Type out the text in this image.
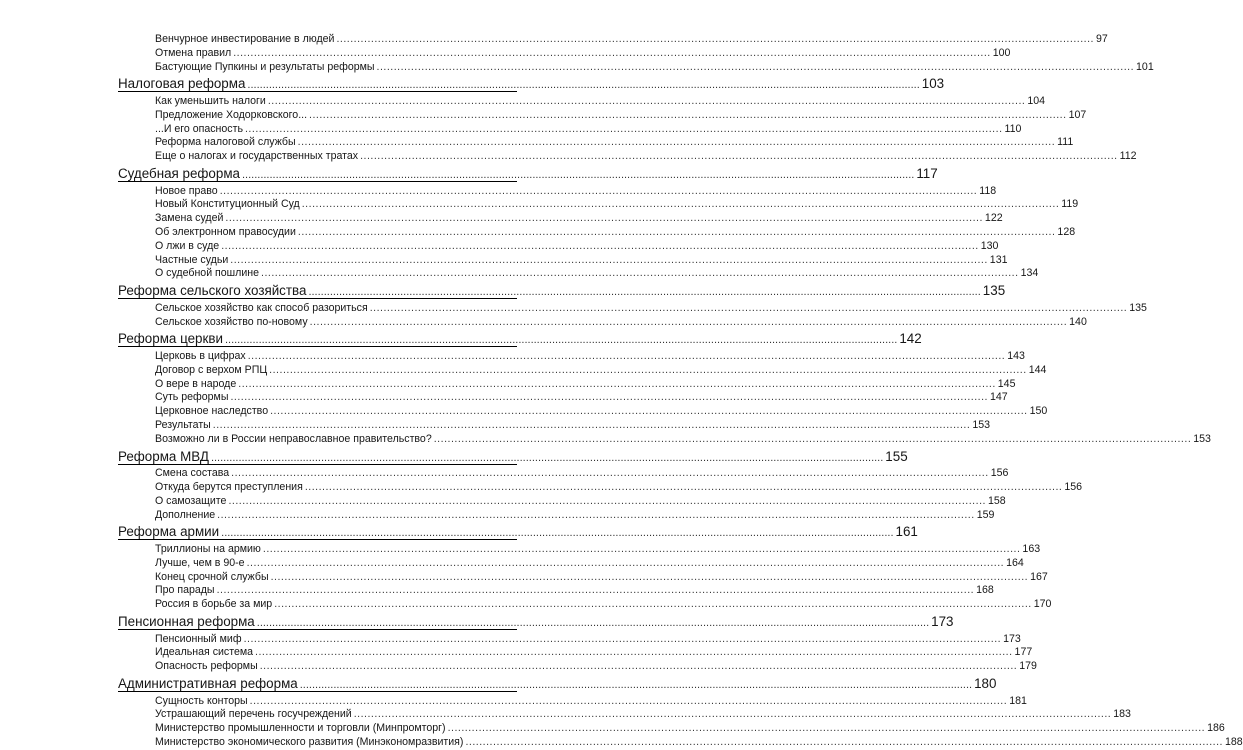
Венчурное инвестирование в людей ............................................................................................................................................................................................................................ 97
Отмена правил ............................................................................................................................................................................................................................ 100
Бастующие Пупкины и результаты реформы ............................................................................................................................................................................................................................ 101
Налоговая реформа ............................................................................................................................................................................................................................ 103
Как уменьшить налоги ............................................................................................................................................................................................................................ 104
Предложение Ходорковского... ............................................................................................................................................................................................................................ 107
...И его опасность ............................................................................................................................................................................................................................ 110
Реформа налоговой службы ............................................................................................................................................................................................................................ 111
Еще о налогах и государственных тратах ............................................................................................................................................................................................................................ 112
Судебная реформа ............................................................................................................................................................................................................................ 117
Новое право ............................................................................................................................................................................................................................ 118
Новый Конституционный Суд ............................................................................................................................................................................................................................ 119
Замена судей ............................................................................................................................................................................................................................ 122
Об электронном правосудии ............................................................................................................................................................................................................................ 128
О лжи в суде ............................................................................................................................................................................................................................ 130
Частные судьи ............................................................................................................................................................................................................................ 131
О судебной пошлине ............................................................................................................................................................................................................................ 134
Реформа сельского хозяйства ............................................................................................................................................................................................................................ 135
Сельское хозяйство как способ разориться ............................................................................................................................................................................................................................ 135
Сельское хозяйство по-новому ............................................................................................................................................................................................................................ 140
Реформа церкви ............................................................................................................................................................................................................................ 142
Церковь в цифрах ............................................................................................................................................................................................................................ 143
Договор с верхом РПЦ ............................................................................................................................................................................................................................ 144
О вере в народе ............................................................................................................................................................................................................................ 145
Суть реформы ............................................................................................................................................................................................................................ 147
Церковное наследство ............................................................................................................................................................................................................................ 150
Результаты ............................................................................................................................................................................................................................ 153
Возможно ли в России неправославное правительство? ............................................................................................................................................................................................................................ 153
Реформа МВД ............................................................................................................................................................................................................................ 155
Смена состава ............................................................................................................................................................................................................................ 156
Откуда берутся преступления ............................................................................................................................................................................................................................ 156
О самозащите ............................................................................................................................................................................................................................ 158
Дополнение ............................................................................................................................................................................................................................ 159
Реформа армии ............................................................................................................................................................................................................................ 161
Триллионы на армию ............................................................................................................................................................................................................................ 163
Лучше, чем в 90-е ............................................................................................................................................................................................................................ 164
Конец срочной службы ............................................................................................................................................................................................................................ 167
Про парады ............................................................................................................................................................................................................................ 168
Россия в борьбе за мир ............................................................................................................................................................................................................................ 170
Пенсионная реформа ............................................................................................................................................................................................................................ 173
Пенсионный миф ............................................................................................................................................................................................................................ 173
Идеальная система ............................................................................................................................................................................................................................ 177
Опасность реформы ............................................................................................................................................................................................................................ 179
Административная реформа ............................................................................................................................................................................................................................ 180
Сущность конторы ............................................................................................................................................................................................................................ 181
Устрашающий перечень госучреждений ............................................................................................................................................................................................................................ 183
Министерство промышленности и торговли (Минпромторг) ............................................................................................................................................................................................................................ 186
Министерство экономического развития (Минэкономразвития) ............................................................................................................................................................................................................................ 188
